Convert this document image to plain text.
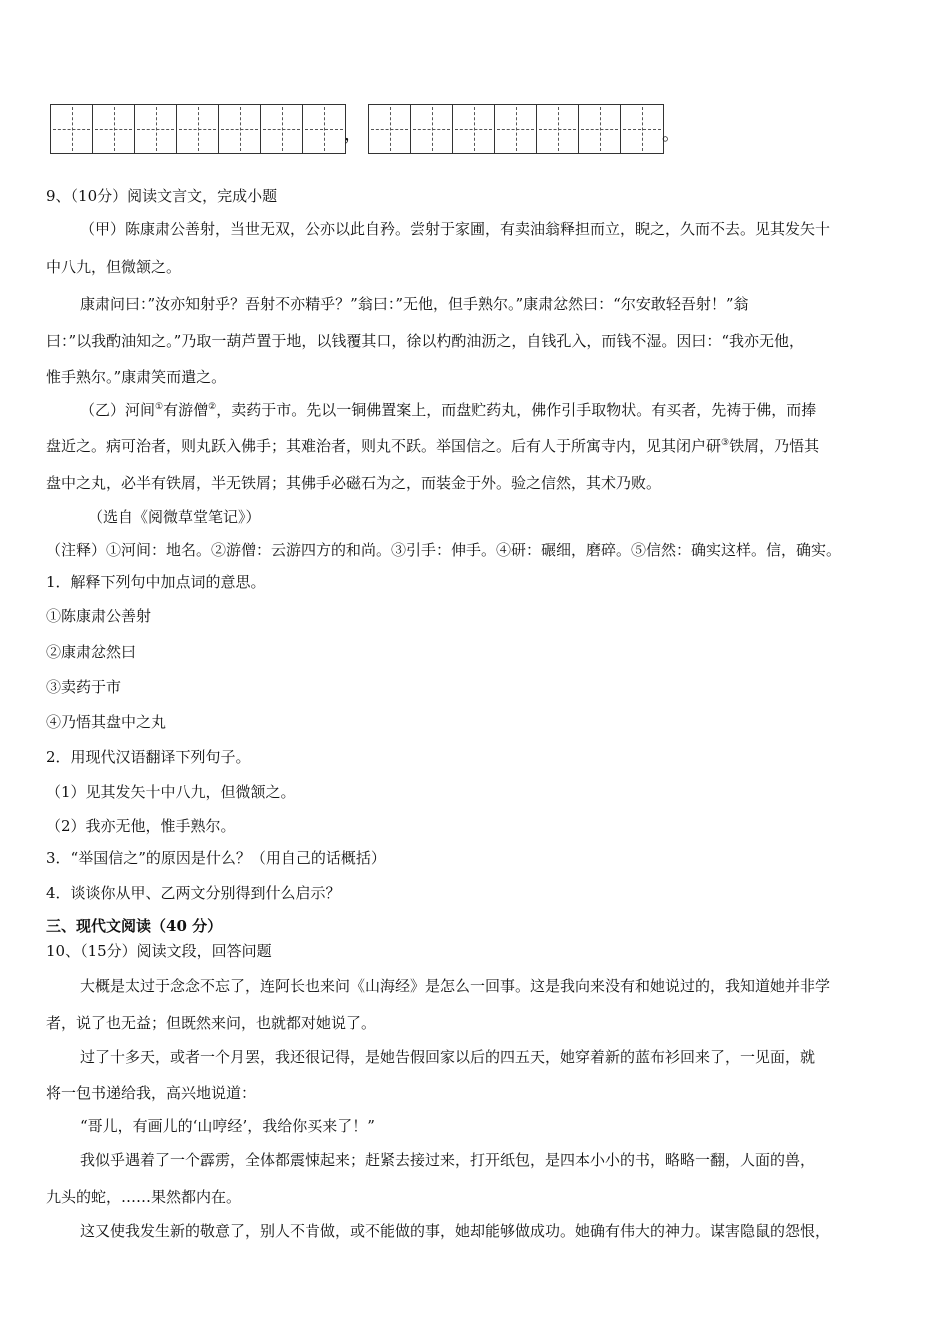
，	。
9、（10分）阅读文言文，完成小题
（甲）陈康肃公善射，当世无双，公亦以此自矜。尝射于家圃，有卖油翁释担而立，睨之，久而不去。见其发矢十
中八九，但微颔之。
康肃问曰：”汝亦知射乎？吾射不亦精乎？”翁曰：”无他，但手熟尔。”康肃忿然曰：“尔安敢轻吾射！”翁
曰：”以我酌油知之。”乃取一葫芦置于地，以钱覆其口，徐以杓酌油沥之，自钱孔入，而钱不湿。因曰：“我亦无他，
惟手熟尔。”康肃笑而遣之。
（乙）河间①有游僧②，卖药于市。先以一铜佛置案上，而盘贮药丸，佛作引手取物状。有买者，先祷于佛，而捧
盘近之。病可治者，则丸跃入佛手；其难治者，则丸不跃。举国信之。后有人于所寓寺内，见其闭户研③铁屑，乃悟其
盘中之丸，必半有铁屑，半无铁屑；其佛手必磁石为之，而装金于外。验之信然，其术乃败。
（选自《阅微草堂笔记》）
（注释）①河间：地名。②游僧：云游四方的和尚。③引手：伸手。④研：碾细，磨碎。⑤信然：确实这样。信，确实。
1．解释下列句中加点词的意思。
①陈康肃公善射
②康肃忿然曰
③卖药于市
④乃悟其盘中之丸
2．用现代汉语翻译下列句子。
（1）见其发矢十中八九，但微颔之。
（2）我亦无他，惟手熟尔。
3．“举国信之”的原因是什么？（用自己的话概括）
4．谈谈你从甲、乙两文分别得到什么启示？
三、现代文阅读（40 分）
10、（15分）阅读文段，回答问题
大概是太过于念念不忘了，连阿长也来问《山海经》是怎么一回事。这是我向来没有和她说过的，我知道她并非学
者，说了也无益；但既然来问，也就都对她说了。
过了十多天，或者一个月罢，我还很记得，是她告假回家以后的四五天，她穿着新的蓝布衫回来了，一见面，就
将一包书递给我，高兴地说道：
“哥儿，有画儿的‘山哼经’，我给你买来了！”
我似乎遇着了一个霹雳，全体都震悚起来；赶紧去接过来，打开纸包，是四本小小的书，略略一翻，人面的兽，
九头的蛇，……果然都内在。
这又使我发生新的敬意了，别人不肯做，或不能做的事，她却能够做成功。她确有伟大的神力。谋害隐鼠的怨恨，
